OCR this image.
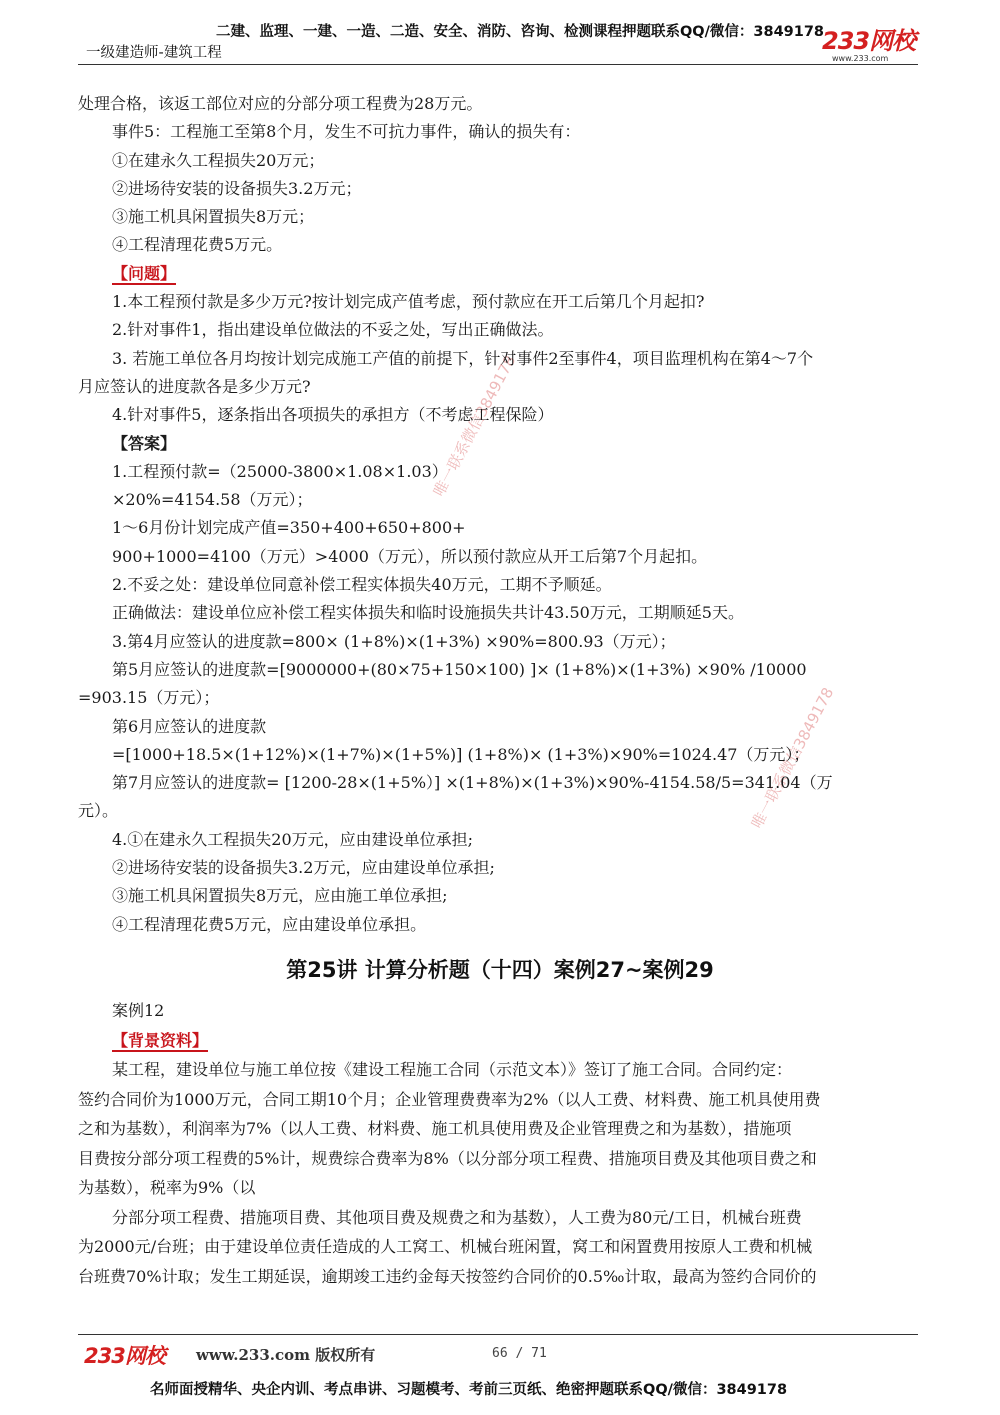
二建、监理、一建、一造、二造、安全、消防、咨询、检测课程押题联系QQ/微信：3849178
一级建造师-建筑工程	233网校
www.233.com
唯一联系微信3849178
唯一联系微信3849178

处理合格，该返工部位对应的分部分项工程费为28万元。

事件5：工程施工至第8个月，发生不可抗力事件，确认的损失有：

①在建永久工程损失20万元；

②进场待安装的设备损失3.2万元；

③施工机具闲置损失8万元；

④工程清理花费5万元。

【问题】

1.本工程预付款是多少万元?按计划完成产值考虑，预付款应在开工后第几个月起扣?

2.针对事件1，指出建设单位做法的不妥之处，写出正确做法。

3. 若施工单位各月均按计划完成施工产值的前提下，针对事件2至事件4，项目监理机构在第4～7个

月应签认的进度款各是多少万元?

4.针对事件5，逐条指出各项损失的承担方（不考虑工程保险）

【答案】

1.工程预付款=（25000-3800×1.08×1.03）

×20%=4154.58（万元）；

1～6月份计划完成产值=350+400+650+800+

900+1000=4100（万元）>4000（万元），所以预付款应从开工后第7个月起扣。

2.不妥之处：建设单位同意补偿工程实体损失40万元，工期不予顺延。

正确做法：建设单位应补偿工程实体损失和临时设施损失共计43.50万元，工期顺延5天。

3.第4月应签认的进度款=800× (1+8%)×(1+3%) ×90%=800.93（万元）；

第5月应签认的进度款=[9000000+(80×75+150×100) ]× (1+8%)×(1+3%) ×90% /10000

=903.15（万元）；

第6月应签认的进度款

=[1000+18.5×(1+12%)×(1+7%)×(1+5%)] (1+8%)× (1+3%)×90%=1024.47（万元）；

第7月应签认的进度款= [1200-28×(1+5%）] ×(1+8%)×(1+3%)×90%-4154.58/5=341.04（万

元）。

4.①在建永久工程损失20万元，应由建设单位承担;

②进场待安装的设备损失3.2万元，应由建设单位承担;

③施工机具闲置损失8万元，应由施工单位承担;

④工程清理花费5万元，应由建设单位承担。

第25讲 计算分析题（十四）案例27~案例29

案例12

【背景资料】

某工程，建设单位与施工单位按《建设工程施工合同（示范文本）》签订了施工合同。合同约定：

签约合同价为1000万元，合同工期10个月；企业管理费费率为2%（以人工费、材料费、施工机具使用费

之和为基数），利润率为7%（以人工费、材料费、施工机具使用费及企业管理费之和为基数），措施项

目费按分部分项工程费的5%计，规费综合费率为8%（以分部分项工程费、措施项目费及其他项目费之和

为基数），税率为9%（以

分部分项工程费、措施项目费、其他项目费及规费之和为基数），人工费为80元/工日，机械台班费

为2000元/台班；由于建设单位责任造成的人工窝工、机械台班闲置，窝工和闲置费用按原人工费和机械

台班费70%计取；发生工期延误，逾期竣工违约金每天按签约合同价的0.5‰计取，最高为签约合同价的

233网校 www.233.com 版权所有	66 / 71
名师面授精华、央企内训、考点串讲、习题模考、考前三页纸、绝密押题联系QQ/微信：3849178
